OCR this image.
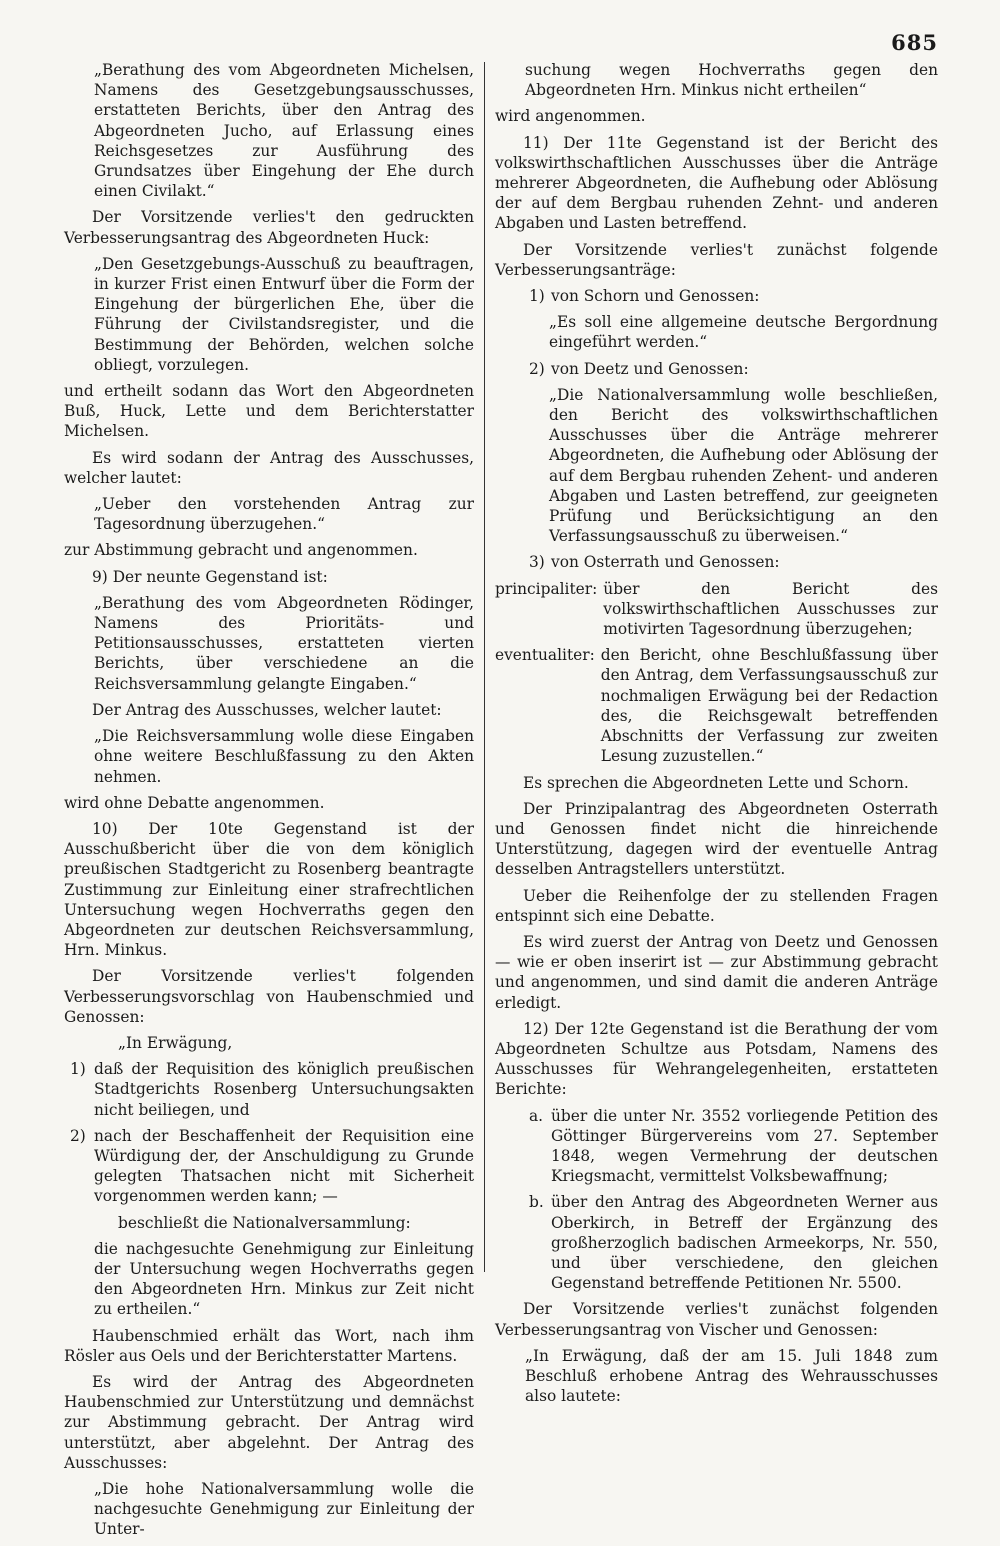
685

„Berathung des vom Abgeordneten Michelsen, Namens des Gesetzgebungsausschusses, erstatteten Berichts, über den Antrag des Abgeordneten Jucho, auf Erlassung eines Reichsgesetzes zur Ausführung des Grundsatzes über Eingehung der Ehe durch einen Civilakt.“

Der Vorsitzende verlies't den gedruckten Verbesserungsantrag des Abgeordneten Huck:

„Den Gesetzgebungs-Ausschuß zu beauftragen, in kurzer Frist einen Entwurf über die Form der Eingehung der bürgerlichen Ehe, über die Führung der Civilstandsregister, und die Bestimmung der Behörden, welchen solche obliegt, vorzulegen.

und ertheilt sodann das Wort den Abgeordneten Buß, Huck, Lette und dem Berichterstatter Michelsen.

Es wird sodann der Antrag des Ausschusses, welcher lautet:

„Ueber den vorstehenden Antrag zur Tagesordnung überzugehen.“

zur Abstimmung gebracht und angenommen.

9) Der neunte Gegenstand ist:

„Berathung des vom Abgeordneten Rödinger, Namens des Prioritäts- und Petitionsausschusses, erstatteten vierten Berichts, über verschiedene an die Reichsversammlung gelangte Eingaben.“

Der Antrag des Ausschusses, welcher lautet:

„Die Reichsversammlung wolle diese Eingaben ohne weitere Beschlußfassung zu den Akten nehmen.

wird ohne Debatte angenommen.

10) Der 10te Gegenstand ist der Ausschußbericht über die von dem königlich preußischen Stadtgericht zu Rosenberg beantragte Zustimmung zur Einleitung einer strafrechtlichen Untersuchung wegen Hochverraths gegen den Abgeordneten zur deutschen Reichsversammlung, Hrn. Minkus.

Der Vorsitzende verlies't folgenden Verbesserungsvorschlag von Haubenschmied und Genossen:

„In Erwägung,

1) daß der Requisition des königlich preußischen Stadtgerichts Rosenberg Untersuchungsakten nicht beiliegen, und
2) nach der Beschaffenheit der Requisition eine Würdigung der, der Anschuldigung zu Grunde gelegten Thatsachen nicht mit Sicherheit vorgenommen werden kann; —

beschließt die Nationalversammlung:

die nachgesuchte Genehmigung zur Einleitung der Untersuchung wegen Hochverraths gegen den Abgeordneten Hrn. Minkus zur Zeit nicht zu ertheilen.“

Haubenschmied erhält das Wort, nach ihm Rösler aus Oels und der Berichterstatter Martens.

Es wird der Antrag des Abgeordneten Haubenschmied zur Unterstützung und demnächst zur Abstimmung gebracht. Der Antrag wird unterstützt, aber abgelehnt. Der Antrag des Ausschusses:

„Die hohe Nationalversammlung wolle die nachgesuchte Genehmigung zur Einleitung der Unter-

suchung wegen Hochverraths gegen den Abgeordneten Hrn. Minkus nicht ertheilen“

wird angenommen.

11) Der 11te Gegenstand ist der Bericht des volkswirthschaftlichen Ausschusses über die Anträge mehrerer Abgeordneten, die Aufhebung oder Ablösung der auf dem Bergbau ruhenden Zehnt- und anderen Abgaben und Lasten betreffend.

Der Vorsitzende verlies't zunächst folgende Verbesserungsanträge:

1) von Schorn und Genossen:

„Es soll eine allgemeine deutsche Bergordnung eingeführt werden.“

2) von Deetz und Genossen:

„Die Nationalversammlung wolle beschließen, den Bericht des volkswirthschaftlichen Ausschusses über die Anträge mehrerer Abgeordneten, die Aufhebung oder Ablösung der auf dem Bergbau ruhenden Zehent- und anderen Abgaben und Lasten betreffend, zur geeigneten Prüfung und Berücksichtigung an den Verfassungsausschuß zu überweisen.“

3) von Osterrath und Genossen:
principaliter: über den Bericht des volkswirthschaftlichen Ausschusses zur motivirten Tagesordnung überzugehen;
eventualiter: den Bericht, ohne Beschlußfassung über den Antrag, dem Verfassungsausschuß zur nochmaligen Erwägung bei der Redaction des, die Reichsgewalt betreffenden Abschnitts der Verfassung zur zweiten Lesung zuzustellen.“

Es sprechen die Abgeordneten Lette und Schorn.

Der Prinzipalantrag des Abgeordneten Osterrath und Genossen findet nicht die hinreichende Unterstützung, dagegen wird der eventuelle Antrag desselben Antragstellers unterstützt.

Ueber die Reihenfolge der zu stellenden Fragen entspinnt sich eine Debatte.

Es wird zuerst der Antrag von Deetz und Genossen — wie er oben inserirt ist — zur Abstimmung gebracht und angenommen, und sind damit die anderen Anträge erledigt.

12) Der 12te Gegenstand ist die Berathung der vom Abgeordneten Schultze aus Potsdam, Namens des Ausschusses für Wehrangelegenheiten, erstatteten Berichte:

a. über die unter Nr. 3552 vorliegende Petition des Göttinger Bürgervereins vom 27. September 1848, wegen Vermehrung der deutschen Kriegsmacht, vermittelst Volksbewaffnung;
b. über den Antrag des Abgeordneten Werner aus Oberkirch, in Betreff der Ergänzung des großherzoglich badischen Armeekorps, Nr. 550, und über verschiedene, den gleichen Gegenstand betreffende Petitionen Nr. 5500.

Der Vorsitzende verlies't zunächst folgenden Verbesserungsantrag von Vischer und Genossen:

„In Erwägung, daß der am 15. Juli 1848 zum Beschluß erhobene Antrag des Wehrausschusses also lautete:
